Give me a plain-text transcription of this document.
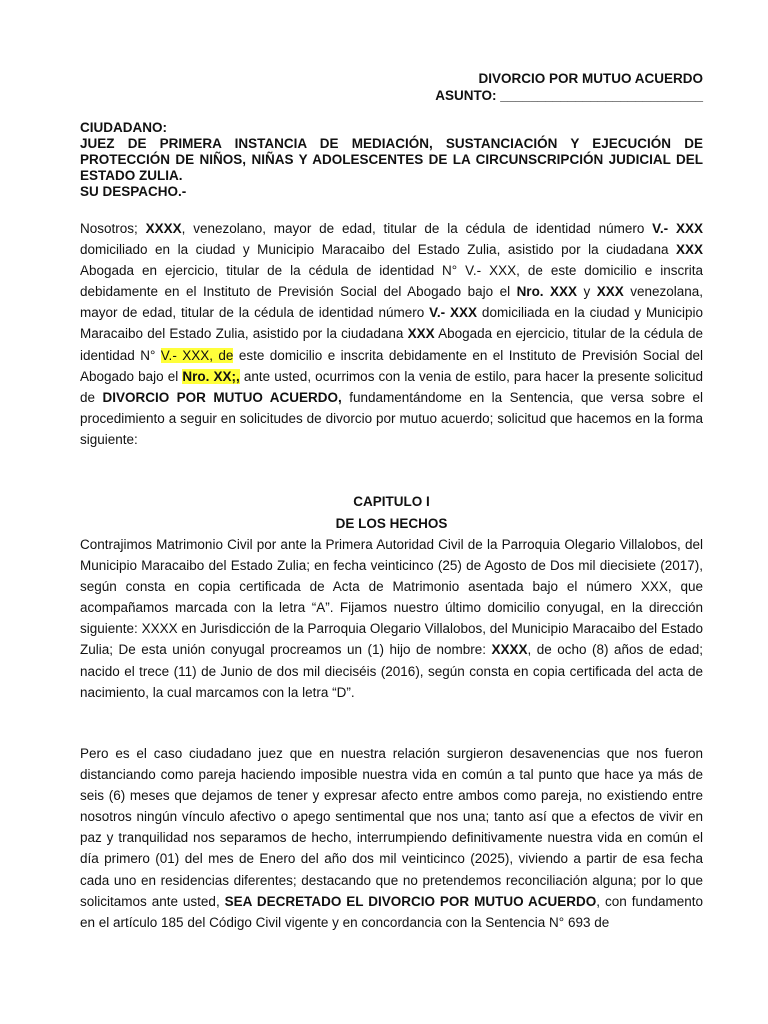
DIVORCIO POR MUTUO ACUERDO
ASUNTO: ___________________________
CIUDADANO:
JUEZ DE PRIMERA INSTANCIA DE MEDIACIÓN, SUSTANCIACIÓN Y EJECUCIÓN DE PROTECCIÓN DE NIÑOS, NIÑAS Y ADOLESCENTES DE LA CIRCUNSCRIPCIÓN JUDICIAL DEL ESTADO ZULIA.
SU DESPACHO.-

Nosotros; XXXX, venezolano, mayor de edad, titular de la cédula de identidad número V.- XXX domiciliado en la ciudad y Municipio Maracaibo del Estado Zulia, asistido por la ciudadana XXX Abogada en ejercicio, titular de la cédula de identidad N° V.- XXX, de este domicilio e inscrita debidamente en el Instituto de Previsión Social del Abogado bajo el Nro. XXX y XXX venezolana, mayor de edad, titular de la cédula de identidad número V.- XXX domiciliada en la ciudad y Municipio Maracaibo del Estado Zulia, asistido por la ciudadana XXX Abogada en ejercicio, titular de la cédula de identidad N° V.- XXX, de este domicilio e inscrita debidamente en el Instituto de Previsión Social del Abogado bajo el Nro. XX;, ante usted, ocurrimos con la venia de estilo, para hacer la presente solicitud de DIVORCIO POR MUTUO ACUERDO, fundamentándome en la Sentencia, que versa sobre el procedimiento a seguir en solicitudes de divorcio por mutuo acuerdo; solicitud que hacemos en la forma siguiente:

CAPITULO I
DE LOS HECHOS

Contrajimos Matrimonio Civil por ante la Primera Autoridad Civil de la Parroquia Olegario Villalobos, del Municipio Maracaibo del Estado Zulia; en fecha veinticinco (25) de Agosto de Dos mil diecisiete (2017), según consta en copia certificada de Acta de Matrimonio asentada bajo el número XXX, que acompañamos marcada con la letra “A”. Fijamos nuestro último domicilio conyugal, en la dirección siguiente: XXXX en Jurisdicción de la Parroquia Olegario Villalobos, del Municipio Maracaibo del Estado Zulia; De esta unión conyugal procreamos un (1) hijo de nombre: XXXX, de ocho (8) años de edad; nacido el trece (11) de Junio de dos mil dieciséis (2016), según consta en copia certificada del acta de nacimiento, la cual marcamos con la letra “D”.

Pero es el caso ciudadano juez que en nuestra relación surgieron desavenencias que nos fueron distanciando como pareja haciendo imposible nuestra vida en común a tal punto que hace ya más de seis (6) meses que dejamos de tener y expresar afecto entre ambos como pareja, no existiendo entre nosotros ningún vínculo afectivo o apego sentimental que nos una; tanto así que a efectos de vivir en paz y tranquilidad nos separamos de hecho, interrumpiendo definitivamente nuestra vida en común el día primero (01) del mes de Enero del año dos mil veinticinco (2025), viviendo a partir de esa fecha cada uno en residencias diferentes; destacando que no pretendemos reconciliación alguna; por lo que solicitamos ante usted, SEA DECRETADO EL DIVORCIO POR MUTUO ACUERDO, con fundamento en el artículo 185 del Código Civil vigente y en concordancia con la Sentencia N° 693 de
